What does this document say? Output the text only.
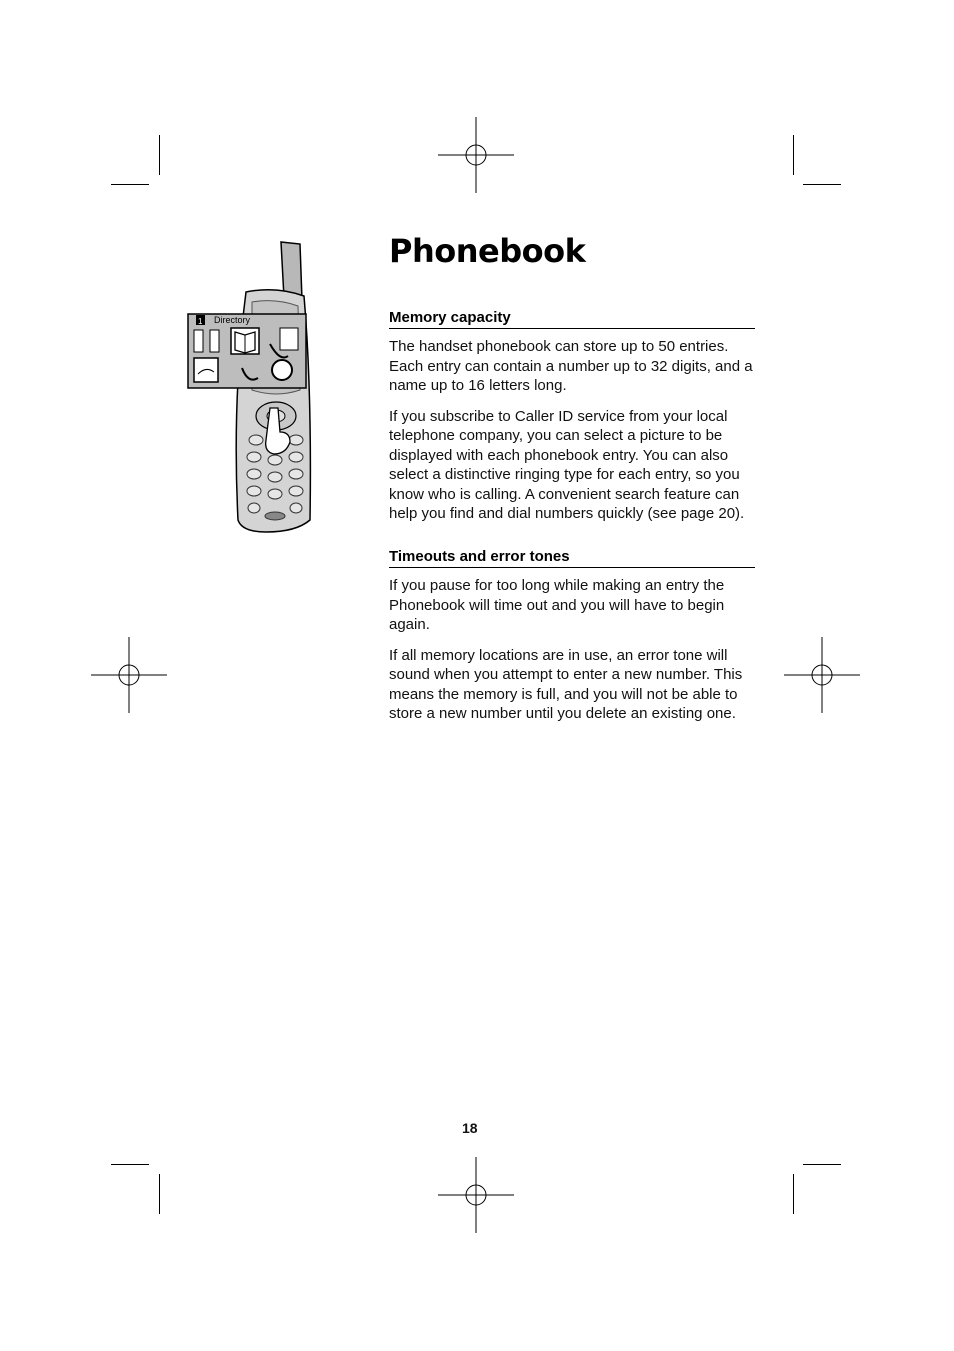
1 Directory
Phonebook
Memory capacity

The handset phonebook can store up to 50 entries. Each entry can contain a number up to 32 digits, and a name up to 16 letters long.

If you subscribe to Caller ID service from your local telephone company, you can select a picture to be displayed with each phonebook entry. You can also select a distinctive ringing type for each entry, so you know who is calling. A convenient search feature can help you find and dial numbers quickly (see page 20).

Timeouts and error tones

If you pause for too long while making an entry the Phonebook will time out and you will have to begin again.

If all memory locations are in use, an error tone will sound when you attempt to enter a new number. This means the memory is full, and you will not be able to store a new number until you delete an existing one.

18
